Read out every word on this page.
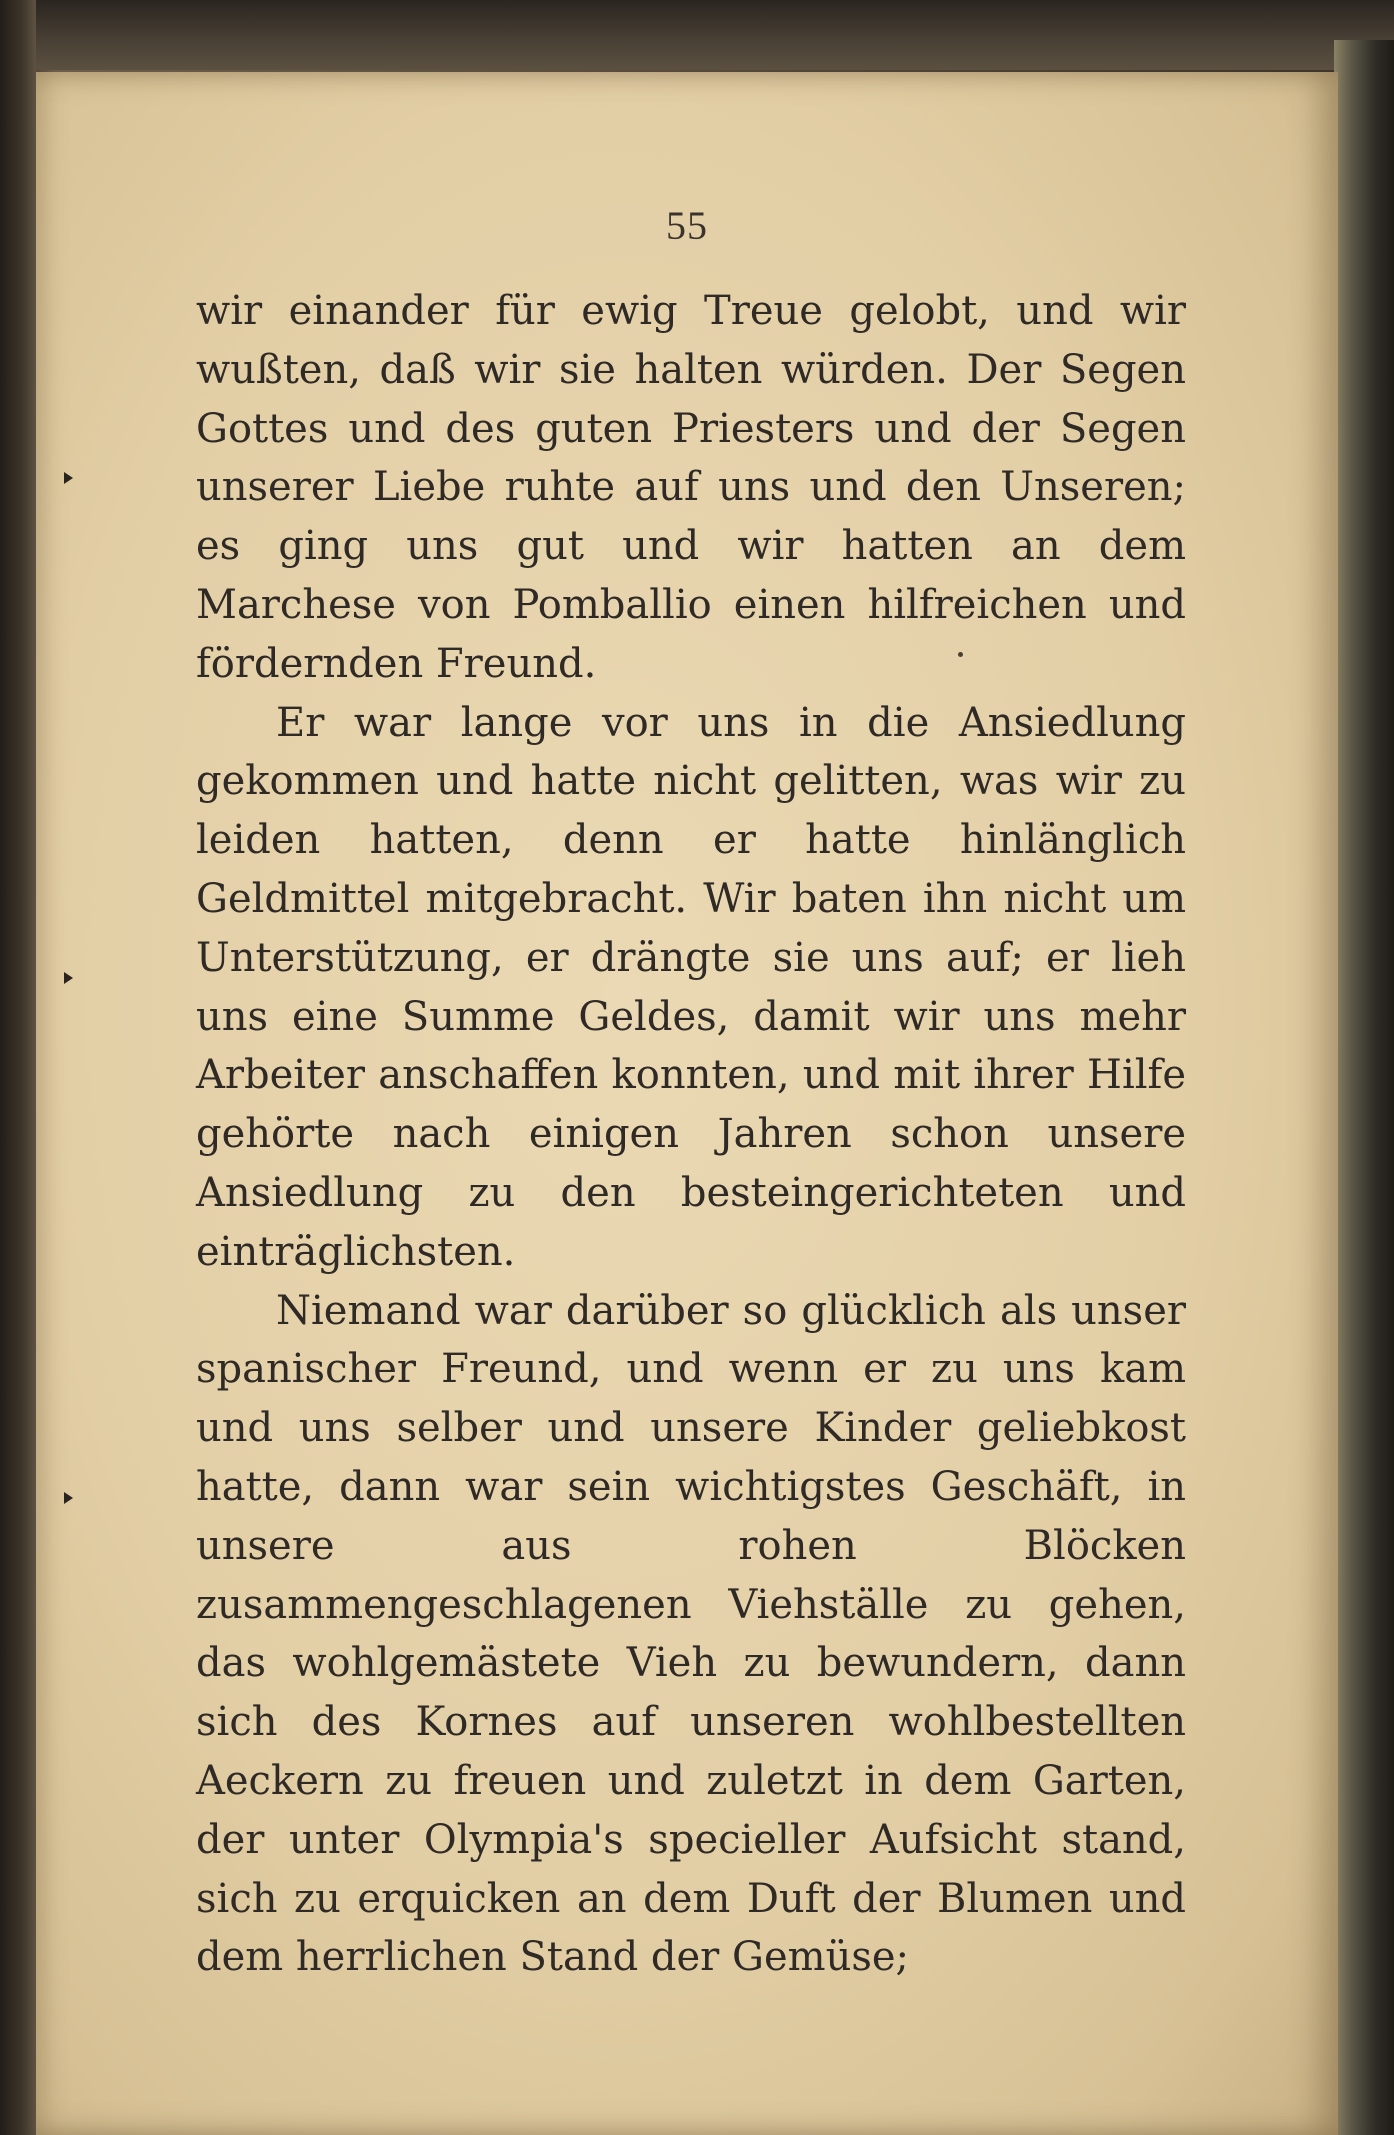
55

wir einander für ewig Treue gelobt, und wir wußten, daß wir sie halten würden. Der Segen Gottes und des guten Priesters und der Segen unserer Liebe ruhte auf uns und den Unseren; es ging uns gut und wir hatten an dem Marchese von Pomballio einen hilfreichen und fördernden Freund.

Er war lange vor uns in die Ansiedlung gekommen und hatte nicht gelitten, was wir zu leiden hatten, denn er hatte hinlänglich Geldmittel mitgebracht. Wir baten ihn nicht um Unterstützung, er drängte sie uns auf; er lieh uns eine Summe Geldes, damit wir uns mehr Arbeiter anschaffen konnten, und mit ihrer Hilfe gehörte nach einigen Jahren schon unsere Ansiedlung zu den besteingerichteten und einträglichsten.

Niemand war darüber so glücklich als unser spanischer Freund, und wenn er zu uns kam und uns selber und unsere Kinder geliebkost hatte, dann war sein wichtigstes Geschäft, in unsere aus rohen Blöcken zusammengeschlagenen Viehställe zu gehen, das wohlgemästete Vieh zu bewundern, dann sich des Kornes auf unseren wohlbestellten Aeckern zu freuen und zuletzt in dem Garten, der unter Olympia's specieller Aufsicht stand, sich zu erquicken an dem Duft der Blumen und dem herrlichen Stand der Gemüse;
